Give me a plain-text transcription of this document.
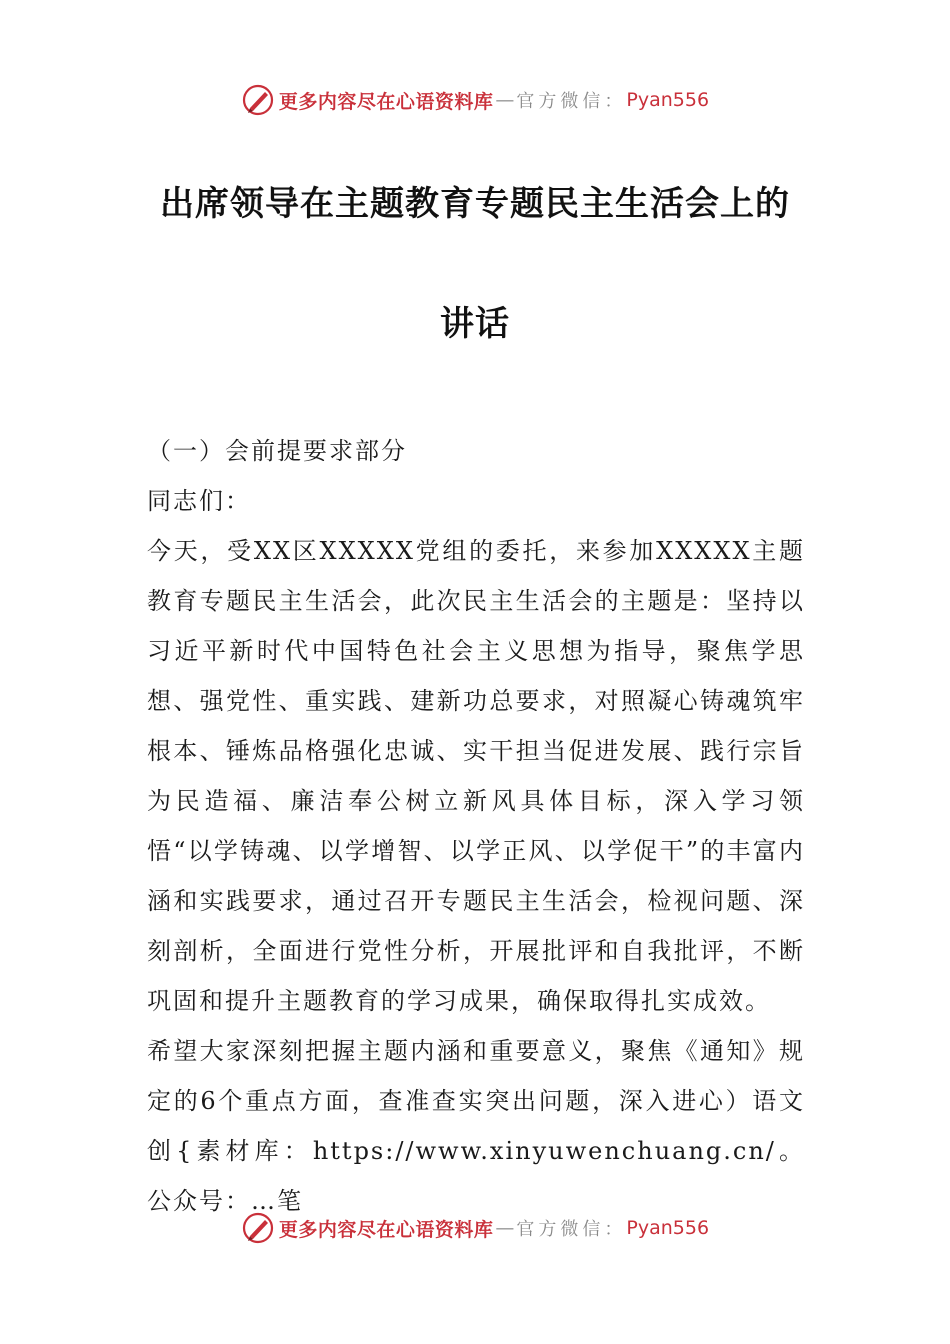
更多内容尽在心语资料库 — 官方微信： Pyan556
出席领导在主题教育专题民主生活会上的
讲话

（一）会前提要求部分

同志们：

今天，受XX区XXXXX党组的委托，来参加XXXXX主题教育专题民主生活会，此次民主生活会的主题是：坚持以习近平新时代中国特色社会主义思想为指导，聚焦学思想、强党性、重实践、建新功总要求，对照凝心铸魂筑牢根本、锤炼品格强化忠诚、实干担当促进发展、践行宗旨为民造福、廉洁奉公树立新风具体目标，深入学习领悟“以学铸魂、以学增智、以学正风、以学促干”的丰富内涵和实践要求，通过召开专题民主生活会，检视问题、深刻剖析，全面进行党性分析，开展批评和自我批评，不断巩固和提升主题教育的学习成果，确保取得扎实成效。

希望大家深刻把握主题内涵和重要意义，聚焦《通知》规定的6个重点方面，查准查实突出问题，深入进心）语文创{素材库：https://www.xinyuwenchuang.cn/。公众号：…笔

更多内容尽在心语资料库 — 官方微信： Pyan556
